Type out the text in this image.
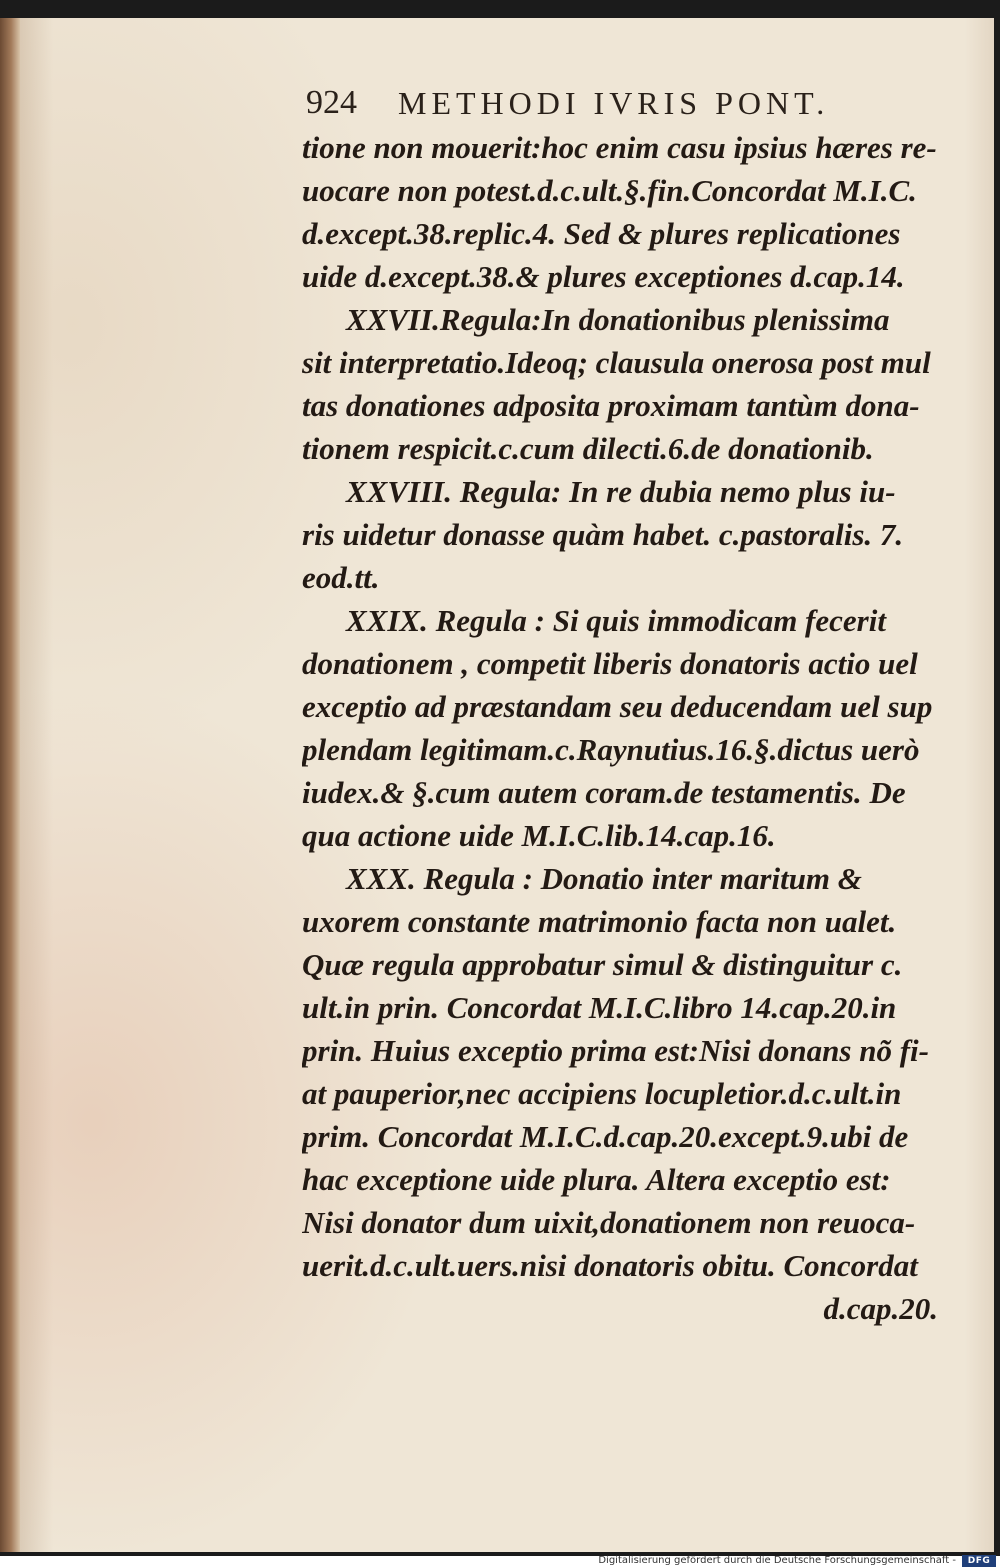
924 METHODI IVRIS PONT.
tione non mouerit:hoc enim casu ipsius hæres re-
uocare non potest.d.c.ult.§.fin.Concordat M.I.C.
d.except.38.replic.4. Sed & plures replicationes
uide d.except.38.& plures exceptiones d.cap.14.
XXVII.Regula:In donationibus plenissima
sit interpretatio.Ideoq; clausula onerosa post mul
tas donationes adposita proximam tantùm dona-
tionem respicit.c.cum dilecti.6.de donationib.
XXVIII. Regula: In re dubia nemo plus iu-
ris uidetur donasse quàm habet. c.pastoralis. 7.
eod.tt.
XXIX. Regula : Si quis immodicam fecerit
donationem , competit liberis donatoris actio uel
exceptio ad præstandam seu deducendam uel sup
plendam legitimam.c.Raynutius.16.§.dictus uerò
iudex.& §.cum autem coram.de testamentis. De
qua actione uide M.I.C.lib.14.cap.16.
XXX. Regula : Donatio inter maritum &
uxorem constante matrimonio facta non ualet.
Quæ regula approbatur simul & distinguitur c.
ult.in prin. Concordat M.I.C.libro 14.cap.20.in
prin. Huius exceptio prima est:Nisi donans nõ fi-
at pauperior,nec accipiens locupletior.d.c.ult.in
prim. Concordat M.I.C.d.cap.20.except.9.ubi de
hac exceptione uide plura. Altera exceptio est:
Nisi donator dum uixit,donationem non reuoca-
uerit.d.c.ult.uers.nisi donatoris obitu. Concordat
d.cap.20.
Digitalisierung gefördert durch die Deutsche Forschungsgemeinschaft -	DFG
